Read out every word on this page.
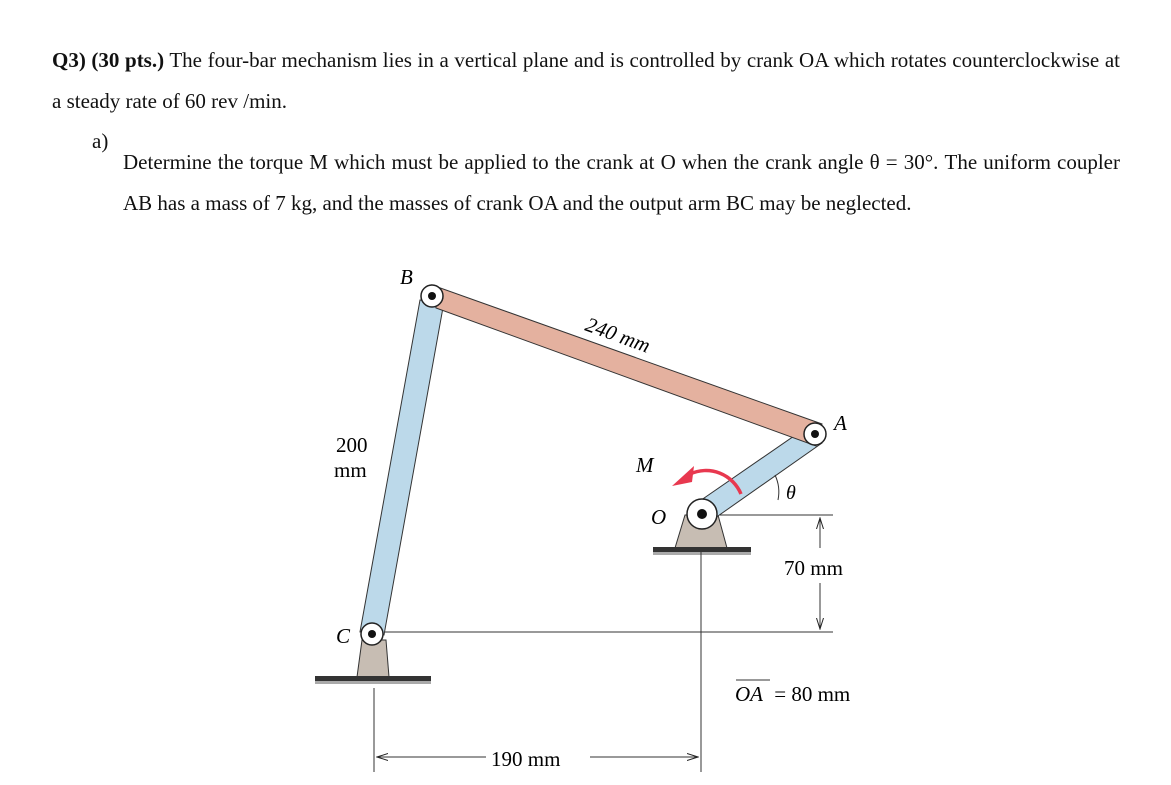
Q3) (30 pts.) The four-bar mechanism lies in a vertical plane and is controlled by crank OA which rotates counterclockwise at a steady rate of 60 rev /min.

a)

Determine the torque M which must be applied to the crank at O when the crank angle θ = 30°. The uniform coupler AB has a mass of 7 kg, and the masses of crank OA and the output arm BC may be neglected.

B
A
C
O
M
θ
240 mm
200
mm
70 mm
190 mm
OA = 80 mm
